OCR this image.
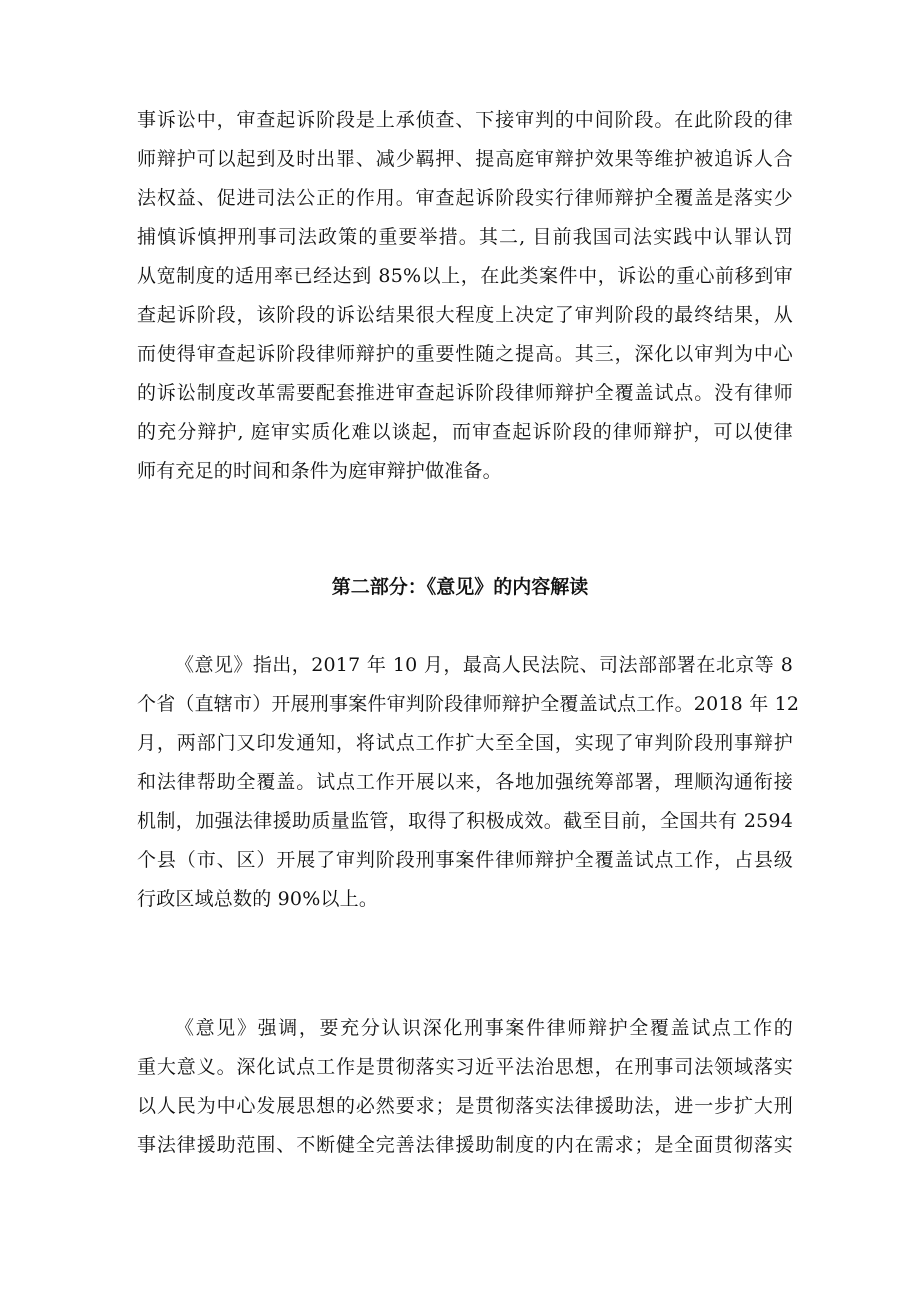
事诉讼中，审查起诉阶段是上承侦查、下接审判的中间阶段。在此阶段的律
师辩护可以起到及时出罪、减少羁押、提高庭审辩护效果等维护被追诉人合
法权益、促进司法公正的作用。审查起诉阶段实行律师辩护全覆盖是落实少
捕慎诉慎押刑事司法政策的重要举措。其二, 目前我国司法实践中认罪认罚
从宽制度的适用率已经达到 85%以上，在此类案件中，诉讼的重心前移到审
查起诉阶段，该阶段的诉讼结果很大程度上决定了审判阶段的最终结果，从
而使得审查起诉阶段律师辩护的重要性随之提高。其三，深化以审判为中心
的诉讼制度改革需要配套推进审查起诉阶段律师辩护全覆盖试点。没有律师
的充分辩护, 庭审实质化难以谈起，而审查起诉阶段的律师辩护，可以使律
师有充足的时间和条件为庭审辩护做准备。
第二部分：《意见》的内容解读
《意见》指出，2017 年 10 月，最高人民法院、司法部部署在北京等 8
个省（直辖市）开展刑事案件审判阶段律师辩护全覆盖试点工作。2018 年 12
月，两部门又印发通知，将试点工作扩大至全国，实现了审判阶段刑事辩护
和法律帮助全覆盖。试点工作开展以来，各地加强统筹部署，理顺沟通衔接
机制，加强法律援助质量监管，取得了积极成效。截至目前，全国共有 2594
个县（市、区）开展了审判阶段刑事案件律师辩护全覆盖试点工作，占县级
行政区域总数的 90%以上。
《意见》强调，要充分认识深化刑事案件律师辩护全覆盖试点工作的
重大意义。深化试点工作是贯彻落实习近平法治思想，在刑事司法领域落实
以人民为中心发展思想的必然要求；是贯彻落实法律援助法，进一步扩大刑
事法律援助范围、不断健全完善法律援助制度的内在需求；是全面贯彻落实
